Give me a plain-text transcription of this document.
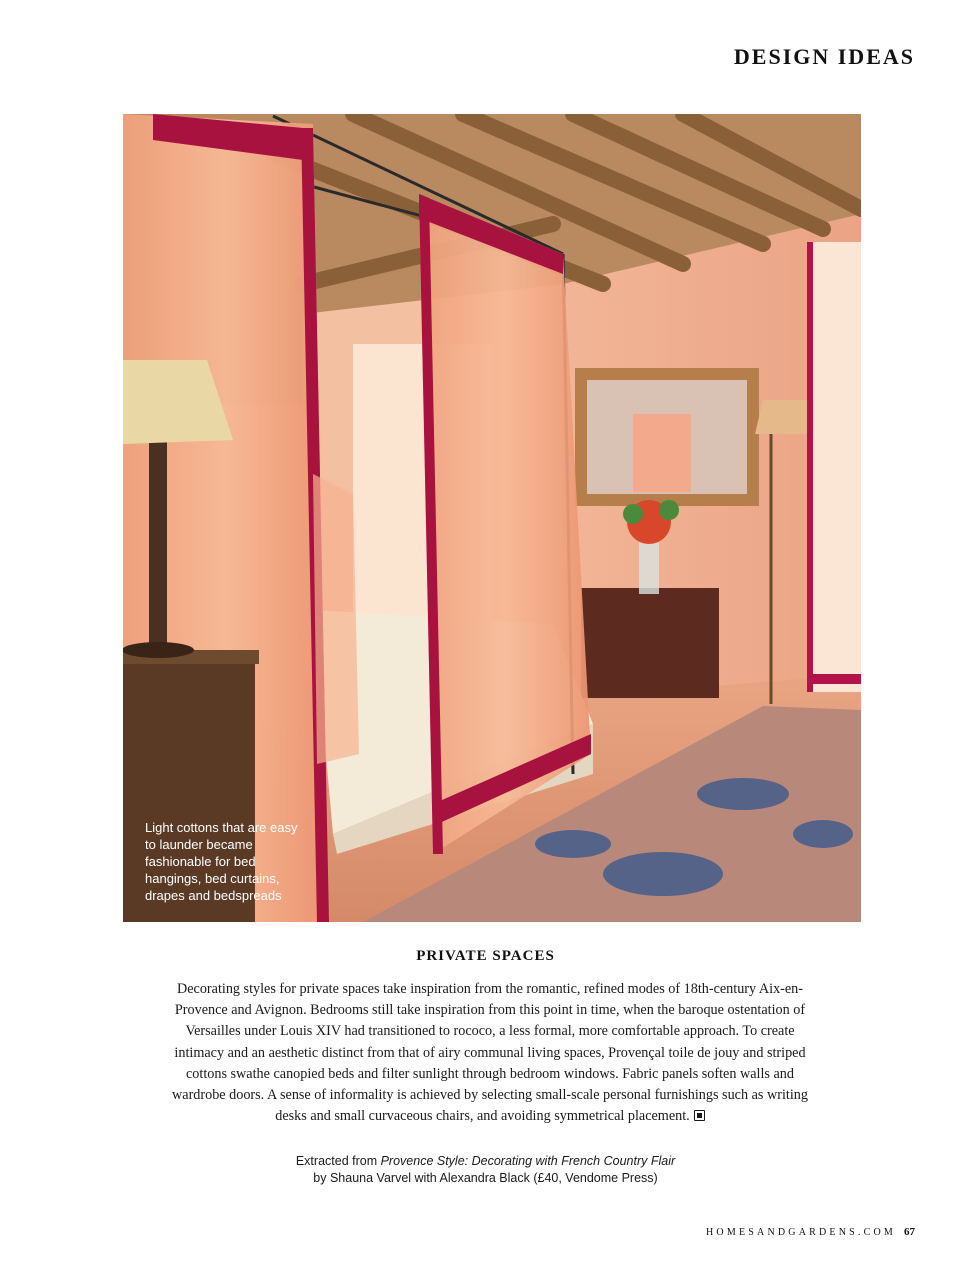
DESIGN IDEAS
Light cottons that are easy to launder became fashionable for bed hangings, bed curtains, drapes and bedspreads
PRIVATE SPACES
Decorating styles for private spaces take inspiration from the romantic, refined modes of 18th-century Aix-en-Provence and Avignon. Bedrooms still take inspiration from this point in time, when the baroque ostentation of Versailles under Louis XIV had transitioned to rococo, a less formal, more comfortable approach. To create intimacy and an aesthetic distinct from that of airy communal living spaces, Provençal toile de jouy and striped cottons swathe canopied beds and filter sunlight through bedroom windows. Fabric panels soften walls and wardrobe doors. A sense of informality is achieved by selecting small-scale personal furnishings such as writing desks and small curvaceous chairs, and avoiding symmetrical placement.
Extracted from Provence Style: Decorating with French Country Flair
by Shauna Varvel with Alexandra Black (£40, Vendome Press)
HOMESANDGARDENS.COM 67
